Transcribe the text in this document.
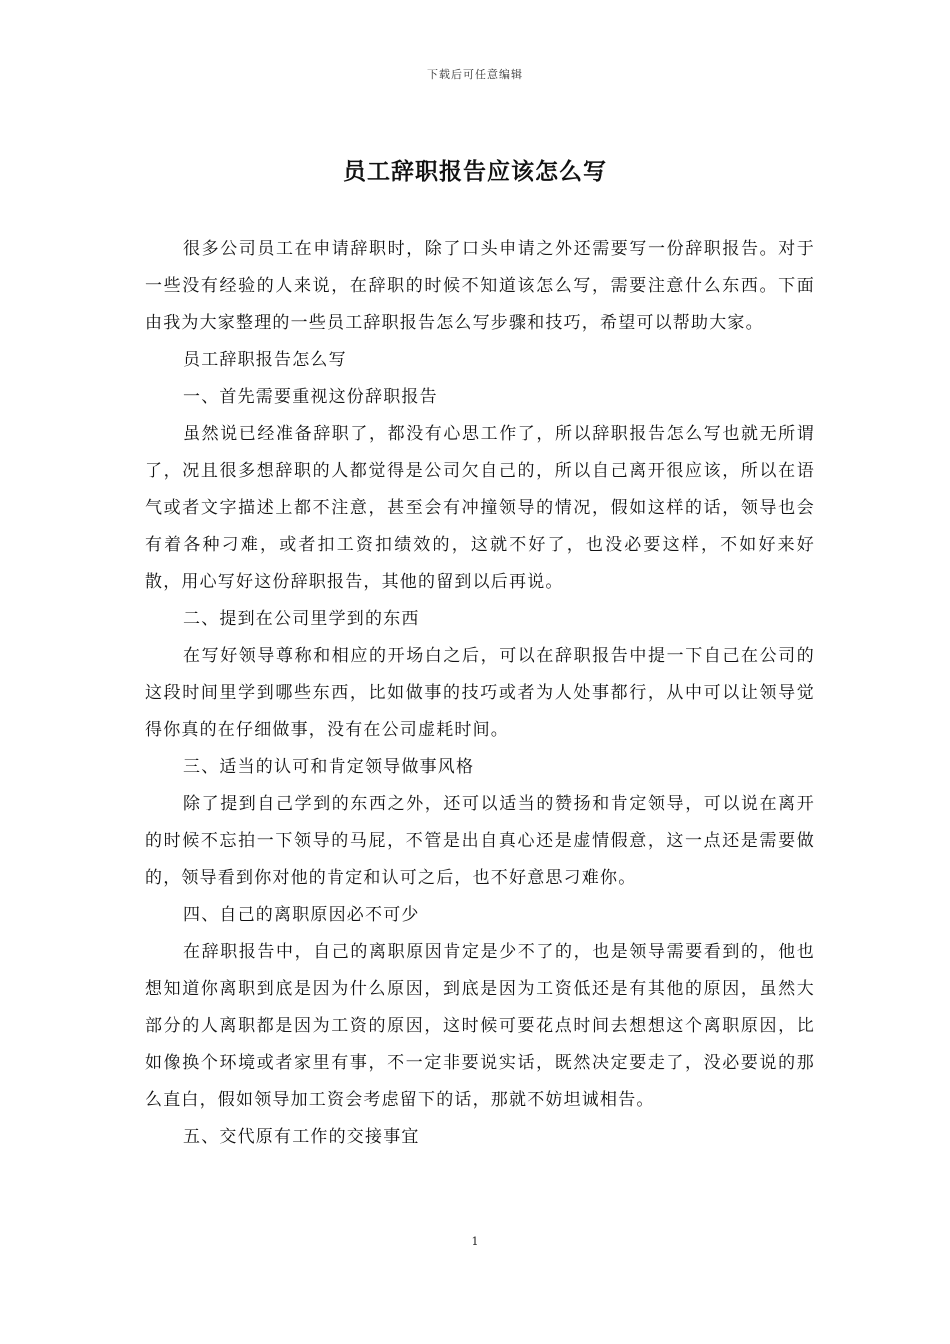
下载后可任意编辑
员工辞职报告应该怎么写

很多公司员工在申请辞职时，除了口头申请之外还需要写一份辞职报告。对于一些没有经验的人来说，在辞职的时候不知道该怎么写，需要注意什么东西。下面由我为大家整理的一些员工辞职报告怎么写步骤和技巧，希望可以帮助大家。

员工辞职报告怎么写

一、首先需要重视这份辞职报告

虽然说已经准备辞职了，都没有心思工作了，所以辞职报告怎么写也就无所谓了，况且很多想辞职的人都觉得是公司欠自己的，所以自己离开很应该，所以在语气或者文字描述上都不注意，甚至会有冲撞领导的情况，假如这样的话，领导也会有着各种刁难，或者扣工资扣绩效的，这就不好了，也没必要这样，不如好来好散，用心写好这份辞职报告，其他的留到以后再说。

二、提到在公司里学到的东西

在写好领导尊称和相应的开场白之后，可以在辞职报告中提一下自己在公司的这段时间里学到哪些东西，比如做事的技巧或者为人处事都行，从中可以让领导觉得你真的在仔细做事，没有在公司虚耗时间。

三、适当的认可和肯定领导做事风格

除了提到自己学到的东西之外，还可以适当的赞扬和肯定领导，可以说在离开的时候不忘拍一下领导的马屁，不管是出自真心还是虚情假意，这一点还是需要做的，领导看到你对他的肯定和认可之后，也不好意思刁难你。

四、自己的离职原因必不可少

在辞职报告中，自己的离职原因肯定是少不了的，也是领导需要看到的，他也想知道你离职到底是因为什么原因，到底是因为工资低还是有其他的原因，虽然大部分的人离职都是因为工资的原因，这时候可要花点时间去想想这个离职原因，比如像换个环境或者家里有事，不一定非要说实话，既然决定要走了，没必要说的那么直白，假如领导加工资会考虑留下的话，那就不妨坦诚相告。

五、交代原有工作的交接事宜

1
